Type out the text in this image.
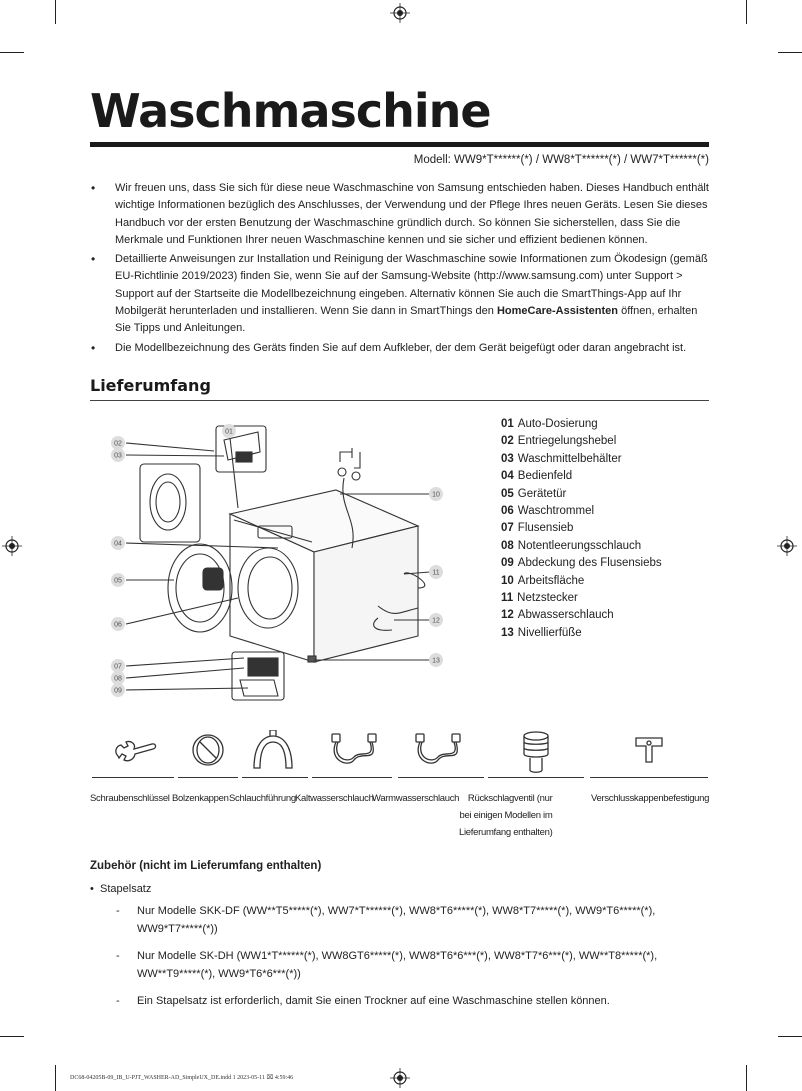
Waschmaschine
Modell: WW9*T******(*) / WW8*T******(*) / WW7*T******(*)
• Wir freuen uns, dass Sie sich für diese neue Waschmaschine von Samsung entschieden haben. Dieses Handbuch enthält wichtige Informationen bezüglich des Anschlusses, der Verwendung und der Pflege Ihres neuen Geräts. Lesen Sie dieses Handbuch vor der ersten Benutzung der Waschmaschine gründlich durch. So können Sie sicherstellen, dass Sie die Merkmale und Funktionen Ihrer neuen Waschmaschine kennen und sie sicher und effizient bedienen können.
• Detaillierte Anweisungen zur Installation und Reinigung der Waschmaschine sowie Informationen zum Ökodesign (gemäß EU-Richtlinie 2019/2023) finden Sie, wenn Sie auf der Samsung-Website (http://www.samsung.com) unter Support > Support auf der Startseite die Modellbezeichnung eingeben. Alternativ können Sie auch die SmartThings-App auf Ihr Mobilgerät herunterladen und installieren. Wenn Sie dann in SmartThings den HomeCare-Assistenten öffnen, erhalten Sie Tipps und Anleitungen.
• Die Modellbezeichnung des Geräts finden Sie auf dem Aufkleber, der dem Gerät beigefügt oder daran angebracht ist.
Lieferumfang
01
02
03
04
05
06
07
08
09
10
11
12
13
01 Auto-Dosierung
02 Entriegelungshebel
03 Waschmittelbehälter
04 Bedienfeld
05 Gerätetür
06 Waschtrommel
07 Flusensieb
08 Notentleerungsschlauch
09 Abdeckung des Flusensiebs
10 Arbeitsfläche
11 Netzstecker
12 Abwasserschlauch
13 Nivellierfüße
Schraubenschlüssel Bolzenkappen Schlauchführung Kaltwasserschlauch
Warmwasserschlauch Rückschlagventil (nur
bei einigen Modellen im
Lieferumfang enthalten)
Verschlusskappenbefestigung
Zubehör (nicht im Lieferumfang enthalten)
• Stapelsatz
- Nur Modelle SKK-DF (WW**T5*****(*), WW7*T******(*), WW8*T6*****(*), WW8*T7*****(*), WW9*T6*****(*), WW9*T7*****(*))
- Nur Modelle SK-DH (WW1*T******(*), WW8GT6*****(*), WW8*T6*6***(*), WW8*T7*6***(*), WW**T8*****(*), WW**T9*****(*), WW9*T6*6***(*))
- Ein Stapelsatz ist erforderlich, damit Sie einen Trockner auf eine Waschmaschine stellen können.
DC68-04205B-09_IB_U-PJT_WASHER-AD_SimpleUX_DE.indd 1 2023-05-11 ⌧ 4:59:46
